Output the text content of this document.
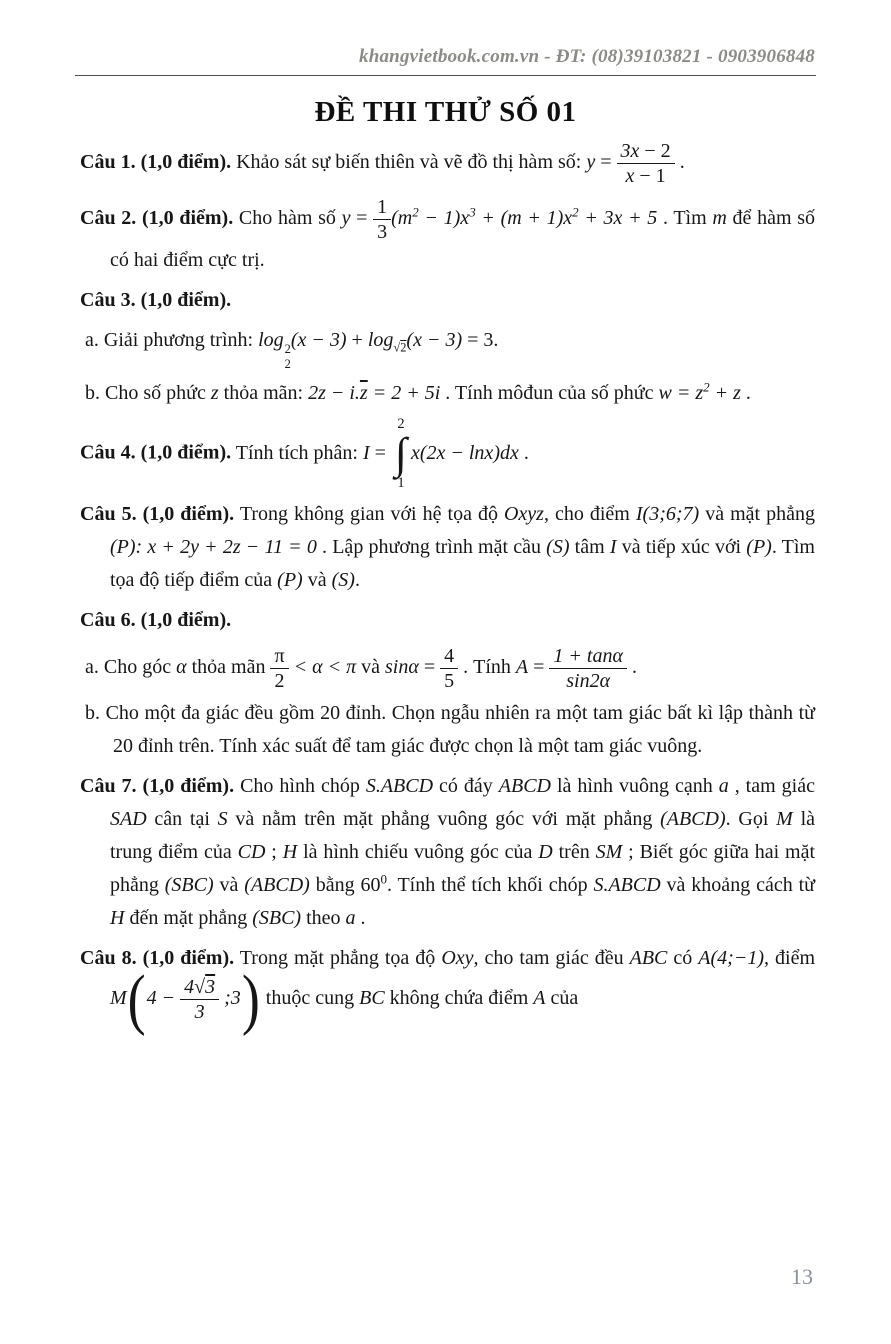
khangvietbook.com.vn - ĐT: (08)39103821 - 0903906848
ĐỀ THI THỬ SỐ 01

Câu 1. (1,0 điểm). Khảo sát sự biến thiên và vẽ đồ thị hàm số: $y = \frac{3x - 2}{x - 1}$ .

Câu 2. (1,0 điểm). Cho hàm số $y = \frac{1}{3} (m^2 - 1)x^3 + (m + 1)x^2 + 3x + 5$ . Tìm m để hàm số có hai điểm cực trị.

Câu 3. (1,0 điểm).

a. Giải phương trình: log 2
2
$(x - 3) + \log_{√2}(x - 3) = 3$.

b. Cho số phức z thỏa mãn: $2z - i.\overline{z} = 2 + 5i$ . Tính môđun của số phức $w = z^2 + z$ .

Câu 4. (1,0 điểm). Tính tích phân: I =
2
∫
1
x(2x − lnx)dx .

Câu 5. (1,0 điểm). Trong không gian với hệ tọa độ Oxyz, cho điểm I(3;6;7) và mặt phẳng (P): x + 2y + 2z − 11 = 0 . Lập phương trình mặt cầu (S) tâm I và tiếp xúc với (P). Tìm tọa độ tiếp điểm của (P) và (S).

Câu 6. (1,0 điểm).

a. Cho góc α thỏa mãn $\frac{\pi}{2} < \alpha < \pi$ và $\sin\alpha = \frac{4}{5}$ . Tính $A = \frac{1 + \tan\alpha}{\sin 2\alpha}$ .

b. Cho một đa giác đều gồm 20 đỉnh. Chọn ngẫu nhiên ra một tam giác bất kì lập thành từ 20 đỉnh trên. Tính xác suất để tam giác được chọn là một tam giác vuông.

Câu 7. (1,0 điểm). Cho hình chóp S.ABCD có đáy ABCD là hình vuông cạnh a , tam giác SAD cân tại S và nằm trên mặt phẳng vuông góc với mặt phẳng (ABCD). Gọi M là trung điểm của CD ; H là hình chiếu vuông góc của D trên SM ; Biết góc giữa hai mặt phẳng (SBC) và (ABCD) bằng $60^0$. Tính thể tích khối chóp S.ABCD và khoảng cách từ H đến mặt phẳng (SBC) theo a .

Câu 8. (1,0 điểm). Trong mặt phẳng tọa độ Oxy, cho tam giác đều ABC có A(4;−1), điểm $M(4 - \frac{4√3}{3}$ ;3) thuộc cung BC không chứa điểm A của

13
